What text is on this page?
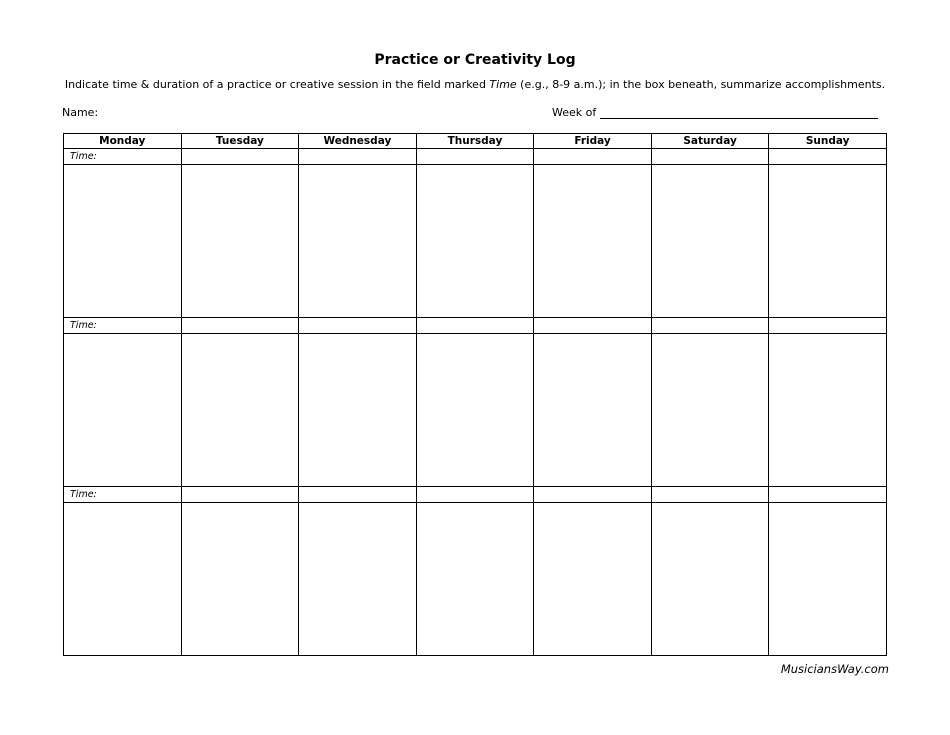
Practice or Creativity Log
Indicate time & duration of a practice or creative session in the field marked Time (e.g., 8-9 a.m.); in the box beneath, summarize accomplishments.
Name:	Week of
Monday	Tuesday	Wednesday	Thursday	Friday	Saturday	Sunday
Time:						

Time:						

Time:						

MusiciansWay.com
